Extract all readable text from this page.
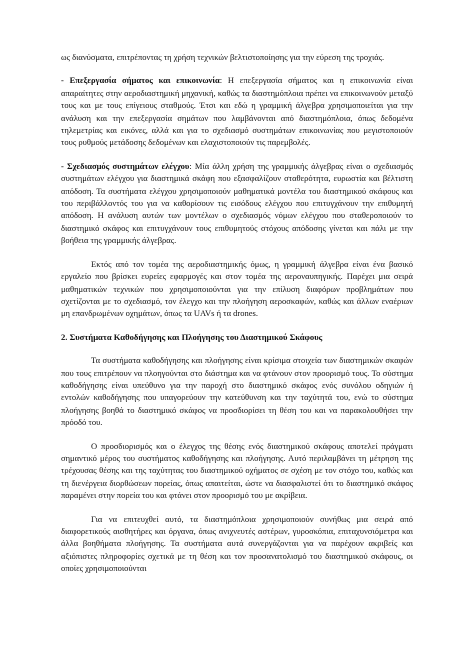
ως διανύσματα, επιτρέποντας τη χρήση τεχνικών βελτιστοποίησης για την εύρεση της τροχιάς.

- Επεξεργασία σήματος και επικοινωνία: Η επεξεργασία σήματος και η επικοινωνία είναι απαραίτητες στην αεροδιαστημική μηχανική, καθώς τα διαστημόπλοια πρέπει να επικοινωνούν μεταξύ τους και με τους επίγειους σταθμούς. Έτσι και εδώ η γραμμική άλγεβρα χρησιμοποιείται για την ανάλυση και την επεξεργασία σημάτων που λαμβάνονται από διαστημόπλοια, όπως δεδομένα τηλεμετρίας και εικόνες, αλλά και για το σχεδιασμό συστημάτων επικοινωνίας που μεγιστοποιούν τους ρυθμούς μετάδοσης δεδομένων και ελαχιστοποιούν τις παρεμβολές.

- Σχεδιασμός συστημάτων ελέγχου: Μία άλλη χρήση της γραμμικής άλγεβρας είναι ο σχεδιασμός συστημάτων ελέγχου για διαστημικά σκάφη που εξασφαλίζουν σταθερότητα, ευρωστία και βέλτιστη απόδοση. Τα συστήματα ελέγχου χρησιμοποιούν μαθηματικά μοντέλα του διαστημικού σκάφους και του περιβάλλοντός του για να καθορίσουν τις εισόδους ελέγχου που επιτυγχάνουν την επιθυμητή απόδοση. Η ανάλυση αυτών των μοντέλων ο σχεδιασμός νόμων ελέγχου που σταθεροποιούν το διαστημικό σκάφος και επιτυγχάνουν τους επιθυμητούς στόχους απόδοσης γίνεται και πάλι με την βοήθεια της γραμμικής άλγεβρας.

Εκτός από τον τομέα της αεροδιαστημικής όμως, η γραμμική άλγεβρα είναι ένα βασικό εργαλείο που βρίσκει ευρείες εφαρμογές και στον τομέα της αεροναυπηγικής. Παρέχει μια σειρά μαθηματικών τεχνικών που χρησιμοποιούνται για την επίλυση διαφόρων προβλημάτων που σχετίζονται με το σχεδιασμό, τον έλεγχο και την πλοήγηση αεροσκαφών, καθώς και άλλων εναέριων μη επανδρωμένων οχημάτων, όπως τα UAVs ή τα drones.

2. Συστήματα Καθοδήγησης και Πλοήγησης του Διαστημικού Σκάφους

Τα συστήματα καθοδήγησης και πλοήγησης είναι κρίσιμα στοιχεία των διαστημικών σκαφών που τους επιτρέπουν να πλοηγούνται στο διάστημα και να φτάνουν στον προορισμό τους. Το σύστημα καθοδήγησης είναι υπεύθυνο για την παροχή στο διαστημικό σκάφος ενός συνόλου οδηγιών ή εντολών καθοδήγησης που υπαγορεύουν την κατεύθυνση και την ταχύτητά του, ενώ το σύστημα πλοήγησης βοηθά το διαστημικό σκάφος να προσδιορίσει τη θέση του και να παρακολουθήσει την πρόοδό του.

Ο προσδιορισμός και ο έλεγχος της θέσης ενός διαστημικού σκάφους αποτελεί πράγματι σημαντικό μέρος του συστήματος καθοδήγησης και πλοήγησης. Αυτό περιλαμβάνει τη μέτρηση της τρέχουσας θέσης και της ταχύτητας του διαστημικού οχήματος σε σχέση με τον στόχο του, καθώς και τη διενέργεια διορθώσεων πορείας, όπως απαιτείται, ώστε να διασφαλιστεί ότι το διαστημικό σκάφος παραμένει στην πορεία του και φτάνει στον προορισμό του με ακρίβεια.

Για να επιτευχθεί αυτό, τα διαστημόπλοια χρησιμοποιούν συνήθως μια σειρά από διαφορετικούς αισθητήρες και όργανα, όπως ανιχνευτές αστέρων, γυροσκόπια, επιταχυνσιόμετρα και άλλα βοηθήματα πλοήγησης. Τα συστήματα αυτά συνεργάζονται για να παρέχουν ακριβείς και αξιόπιστες πληροφορίες σχετικά με τη θέση και τον προσανατολισμό του διαστημικού σκάφους, οι οποίες χρησιμοποιούνται
